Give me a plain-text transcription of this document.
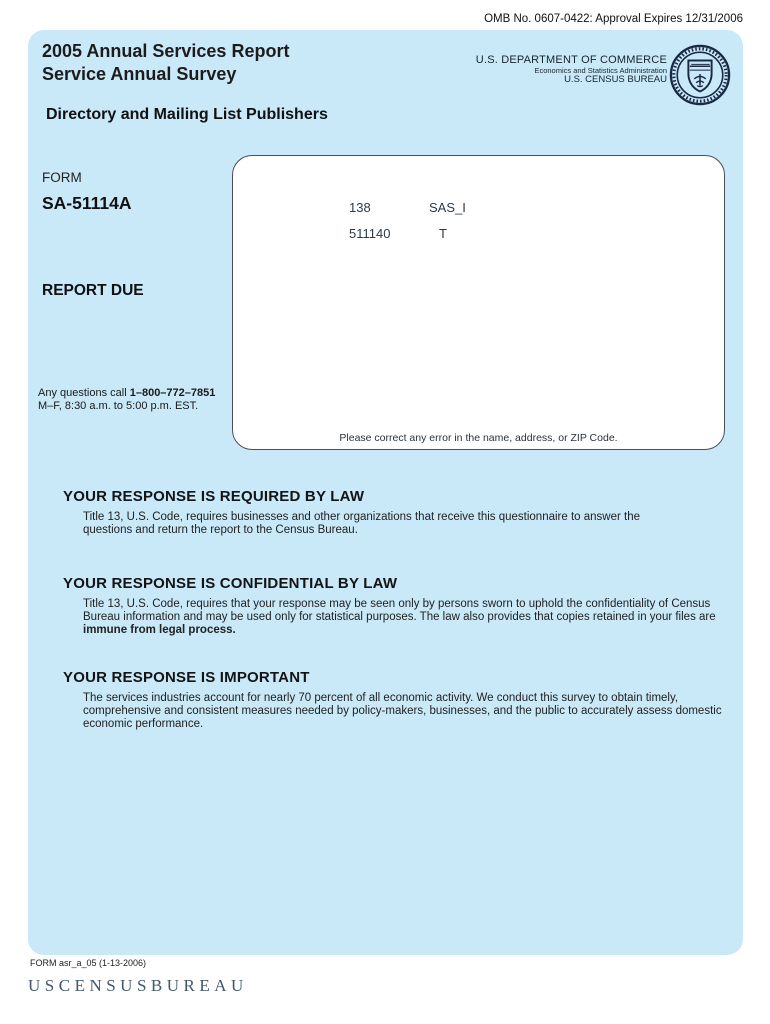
OMB No. 0607-0422: Approval Expires 12/31/2006
2005 Annual Services Report
Service Annual Survey
U.S. DEPARTMENT OF COMMERCE
Economics and Statistics Administration
U.S. CENSUS BUREAU
Directory and Mailing List Publishers
FORM
SA-51114A
REPORT DUE
Any questions call 1–800–772–7851
M–F, 8:30 a.m. to 5:00 p.m. EST.
138	SAS_I
511140	T
Please correct any error in the name, address, or ZIP Code.
YOUR RESPONSE IS REQUIRED BY LAW
Title 13, U.S. Code, requires businesses and other organizations that receive this questionnaire to answer the questions and return the report to the Census Bureau.
YOUR RESPONSE IS CONFIDENTIAL BY LAW
Title 13, U.S. Code, requires that your response may be seen only by persons sworn to uphold the confidentiality of Census Bureau information and may be used only for statistical purposes. The law also provides that copies retained in your files are immune from legal process.
YOUR RESPONSE IS IMPORTANT
The services industries account for nearly 70 percent of all economic activity. We conduct this survey to obtain timely, comprehensive and consistent measures needed by policy-makers, businesses, and the public to accurately assess domestic economic performance.
FORM asr_a_05 (1-13-2006)
USCENSUSBUREAU
